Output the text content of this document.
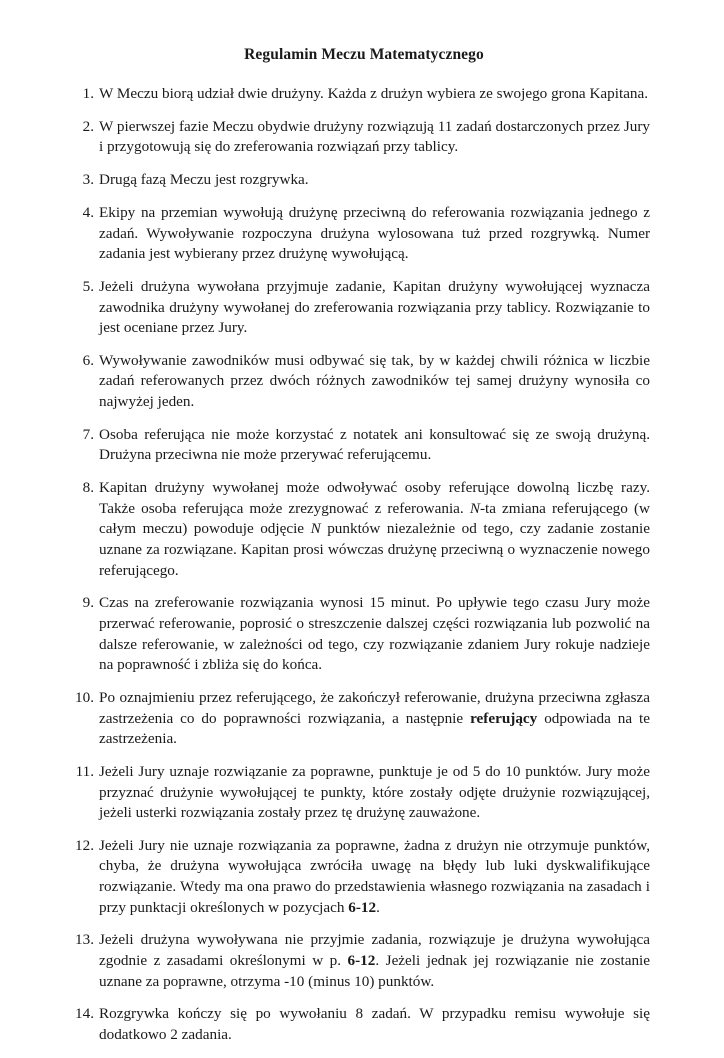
Regulamin Meczu Matematycznego
1. W Meczu biorą udział dwie drużyny. Każda z drużyn wybiera ze swojego grona Kapitana.
2. W pierwszej fazie Meczu obydwie drużyny rozwiązują 11 zadań dostarczonych przez Jury i przygotowują się do zreferowania rozwiązań przy tablicy.
3. Drugą fazą Meczu jest rozgrywka.
4. Ekipy na przemian wywołują drużynę przeciwną do referowania rozwiązania jednego z zadań. Wywoływanie rozpoczyna drużyna wylosowana tuż przed rozgrywką. Numer zadania jest wybierany przez drużynę wywołującą.
5. Jeżeli drużyna wywołana przyjmuje zadanie, Kapitan drużyny wywołującej wyznacza zawodnika drużyny wywołanej do zreferowania rozwiązania przy tablicy. Rozwiązanie to jest oceniane przez Jury.
6. Wywoływanie zawodników musi odbywać się tak, by w każdej chwili różnica w liczbie zadań referowanych przez dwóch różnych zawodników tej samej drużyny wynosiła co najwyżej jeden.
7. Osoba referująca nie może korzystać z notatek ani konsultować się ze swoją drużyną. Drużyna przeciwna nie może przerywać referującemu.
8. Kapitan drużyny wywołanej może odwoływać osoby referujące dowolną liczbę razy. Także osoba referująca może zrezygnować z referowania. N-ta zmiana referującego (w całym meczu) powoduje odjęcie N punktów niezależnie od tego, czy zadanie zostanie uznane za rozwiązane. Kapitan prosi wówczas drużynę przeciwną o wyznaczenie nowego referującego.
9. Czas na zreferowanie rozwiązania wynosi 15 minut. Po upływie tego czasu Jury może przerwać referowanie, poprosić o streszczenie dalszej części rozwiązania lub pozwolić na dalsze referowanie, w zależności od tego, czy rozwiązanie zdaniem Jury rokuje nadzieje na poprawność i zbliża się do końca.
10. Po oznajmieniu przez referującego, że zakończył referowanie, drużyna przeciwna zgłasza zastrzeżenia co do poprawności rozwiązania, a następnie referujący odpowiada na te zastrzeżenia.
11. Jeżeli Jury uznaje rozwiązanie za poprawne, punktuje je od 5 do 10 punktów. Jury może przyznać drużynie wywołującej te punkty, które zostały odjęte drużynie rozwiązującej, jeżeli usterki rozwiązania zostały przez tę drużynę zauważone.
12. Jeżeli Jury nie uznaje rozwiązania za poprawne, żadna z drużyn nie otrzymuje punktów, chyba, że drużyna wywołująca zwróciła uwagę na błędy lub luki dyskwalifikujące rozwiązanie. Wtedy ma ona prawo do przedstawienia własnego rozwiązania na zasadach i przy punktacji określonych w pozycjach 6-12.
13. Jeżeli drużyna wywoływana nie przyjmie zadania, rozwiązuje je drużyna wywołująca zgodnie z zasadami określonymi w p. 6-12. Jeżeli jednak jej rozwiązanie nie zostanie uznane za poprawne, otrzyma -10 (minus 10) punktów.
14. Rozgrywka kończy się po wywołaniu 8 zadań. W przypadku remisu wywołuje się dodatkowo 2 zadania.
